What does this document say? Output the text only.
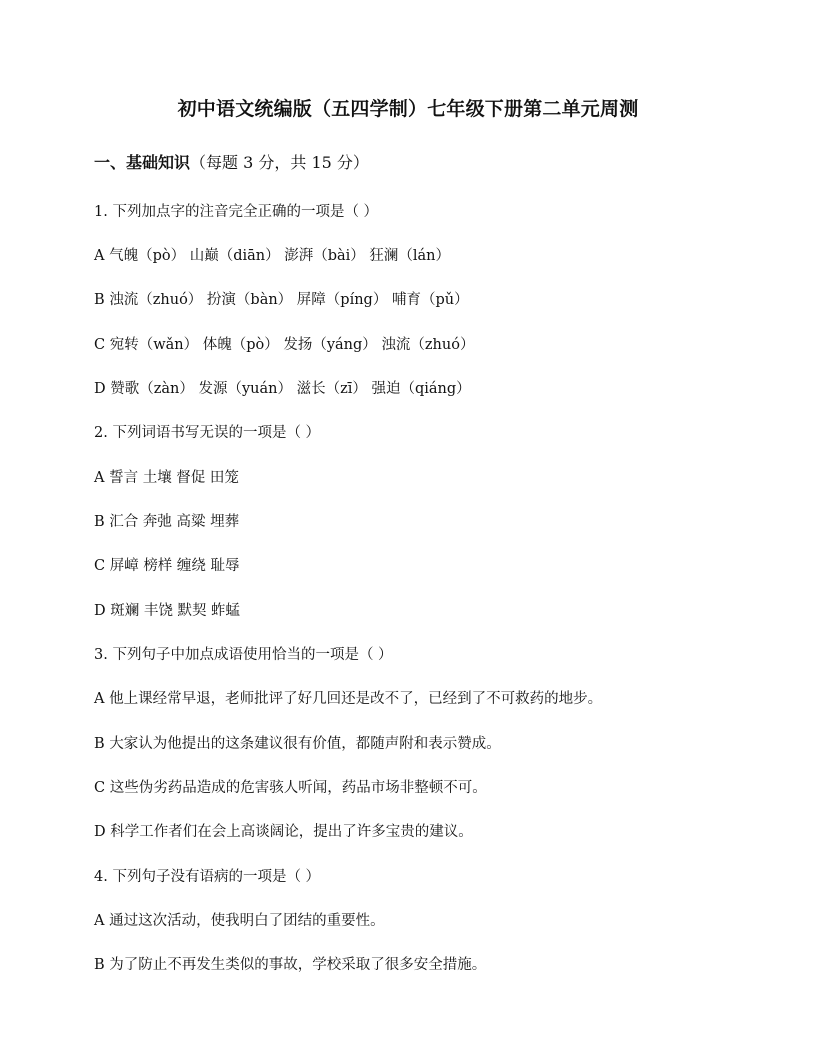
初中语文统编版（五四学制）七年级下册第二单元周测
一、基础知识（每题 3 分，共 15 分）
1. 下列加点字的注音完全正确的一项是（ ）
A 气魄（pò） 山巅（diān） 澎湃（bài） 狂澜（lán）
B 浊流（zhuó） 扮演（bàn） 屏障（píng） 哺育（pǔ）
C 宛转（wǎn） 体魄（pò） 发扬（yáng） 浊流（zhuó）
D 赞歌（zàn） 发源（yuán） 滋长（zī） 强迫（qiáng）
2. 下列词语书写无误的一项是（ ）
A 誓言 土壤 督促 田笼
B 汇合 奔弛 高粱 埋葬
C 屏嶂 榜样 缠绕 耻辱
D 斑斓 丰饶 默契 蚱蜢
3. 下列句子中加点成语使用恰当的一项是（ ）
A 他上课经常早退，老师批评了好几回还是改不了，已经到了不可救药的地步。
B 大家认为他提出的这条建议很有价值，都随声附和表示赞成。
C 这些伪劣药品造成的危害骇人听闻，药品市场非整顿不可。
D 科学工作者们在会上高谈阔论，提出了许多宝贵的建议。
4. 下列句子没有语病的一项是（ ）
A 通过这次活动，使我明白了团结的重要性。
B 为了防止不再发生类似的事故，学校采取了很多安全措施。
